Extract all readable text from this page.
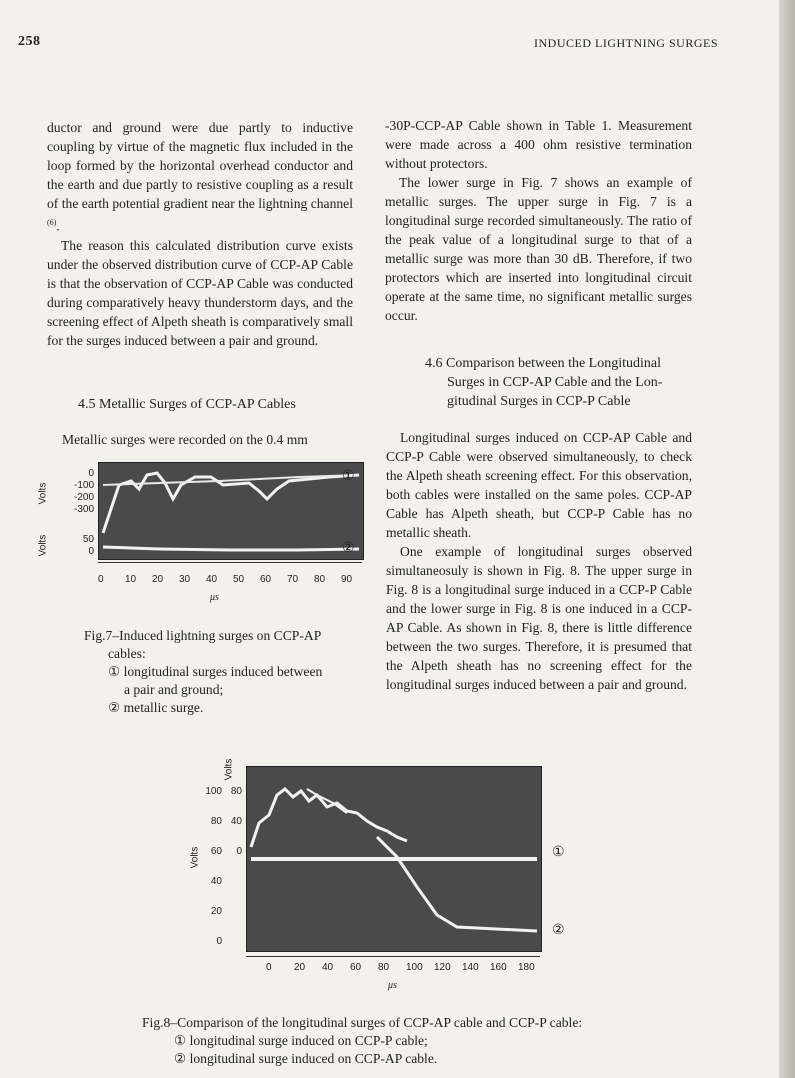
258	INDUCED LIGHTNING SURGES

ductor and ground were due partly to inductive coupling by virtue of the magnetic flux included in the loop formed by the horizontal overhead conductor and the earth and due partly to resistive coupling as a result of the earth potential gradient near the lightning channel $^{(6)}$.

The reason this calculated distribution curve exists under the observed distribution curve of CCP-AP Cable is that the observation of CCP-AP Cable was conducted during comparatively heavy thunderstorm days, and the screening effect of Alpeth sheath is comparatively small for the surges induced between a pair and ground.

4.5 Metallic Surges of CCP-AP Cables
Metallic surges were recorded on the 0.4 mm
Volts
Volts
0
-100
-200
-300
50
0
0 10 20 30 40 50 60 70 80 90
μs
①
②
Fig.7–Induced lightning surges on CCP-AP
cables:
① longitudinal surges induced between
a pair and ground;
② metallic surge.

-30P-CCP-AP Cable shown in Table 1. Measurement were made across a 400 ohm resistive termination without protectors.

The lower surge in Fig. 7 shows an example of metallic surges. The upper surge in Fig. 7 is a longitudinal surge recorded simultaneously. The ratio of the peak value of a longitudinal surge to that of a metallic surge was more than 30 dB. Therefore, if two protectors which are inserted into longitudinal circuit operate at the same time, no significant metallic surges occur.

4.6 Comparison between the Longitudinal
Surges in CCP-AP Cable and the Lon-
gitudinal Surges in CCP-P Cable

Longitudinal surges induced on CCP-AP Cable and CCP-P Cable were observed simultaneously, to check the Alpeth sheath screening effect. For this observation, both cables were installed on the same poles. CCP-AP Cable has Alpeth sheath, but CCP-P Cable has no metallic sheath.

One example of longitudinal surges observed simultaneosuly is shown in Fig. 8. The upper surge in Fig. 8 is a longitudinal surge induced in a CCP-P Cable and the lower surge in Fig. 8 is one induced in a CCP-AP Cable. As shown in Fig. 8, there is little difference between the two surges. Therefore, it is presumed that the Alpeth sheath has no screening effect for the longitudinal surges induced between a pair and ground.

Volts
Volts
100
80
60
40
20
0
80
40
0
0 20 40 60 80 100 120 140 160 180
μs
①
②
Fig.8–Comparison of the longitudinal surges of CCP-AP cable and CCP-P cable:
① longitudinal surge induced on CCP-P cable;
② longitudinal surge induced on CCP-AP cable.
